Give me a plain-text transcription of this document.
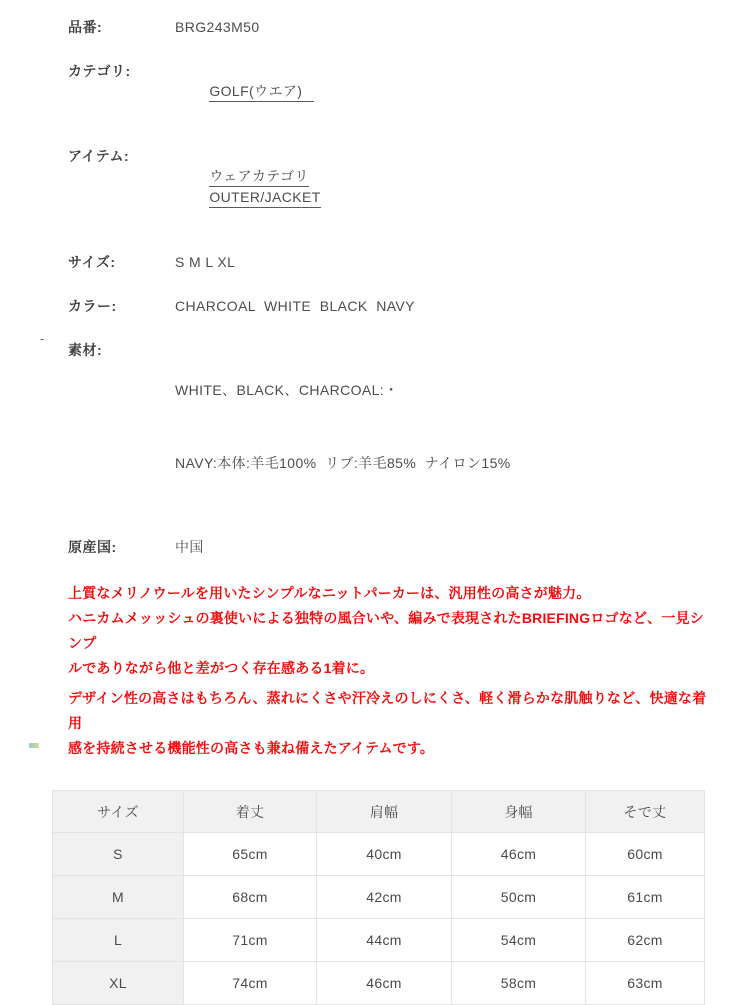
品番:	BRG243M50
カテゴリ:

GOLF(ウエア)

アイテム:

ウェアカテゴリ
OUTER/JACKET

サイズ:	S M L XL
カラー:	CHARCOAL  WHITE  BLACK  NAVY
素材:

WHITE、BLACK、CHARCOAL:・

NAVY:本体:羊毛100%  リブ:羊毛85%  ナイロン15%

原産国:	中国
-
上質なメリノウールを用いたシンプルなニットパーカーは、汎用性の高さが魅力。
ハニカムメッッシュの裏使いによる独特の風合いや、編みで表現されたBRIEFINGロゴなど、一見シンプ
ルでありながら他と差がつく存在感ある1着に。
デザイン性の高さはもちろん、蒸れにくさや汗冷えのしにくさ、軽く滑らかな肌触りなど、快適な着用
感を持続させる機能性の高さも兼ね備えたアイテムです。
サイズ	着丈	肩幅	身幅	そで丈
S	65cm	40cm	46cm	60cm
M	68cm	42cm	50cm	61cm
L	71cm	44cm	54cm	62cm
XL	74cm	46cm	58cm	63cm
